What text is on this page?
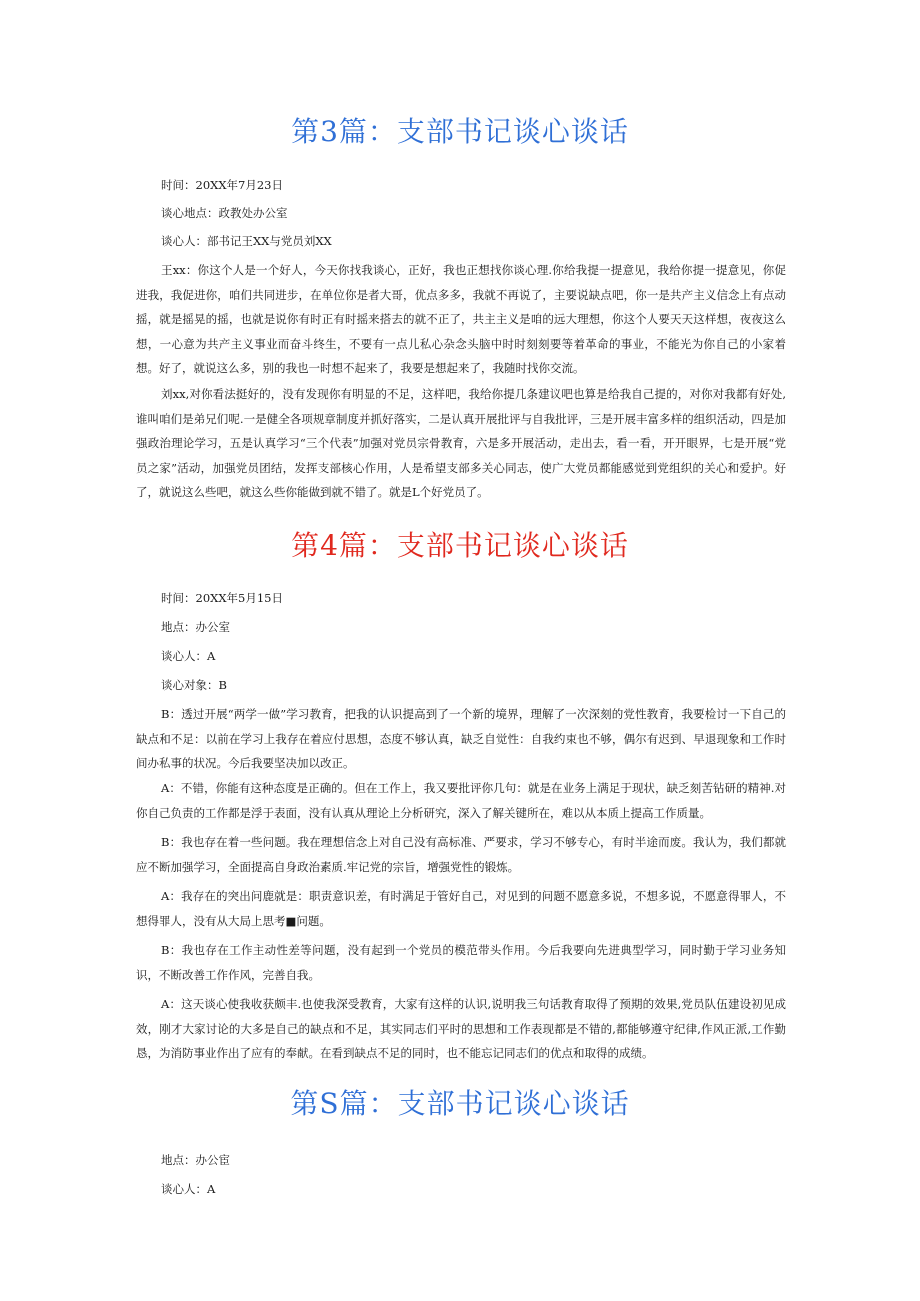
第3篇：支部书记谈心谈话

时间：20XX年7月23日

谈心地点：政教处办公室

谈心人：部书记王XX与党员刘XX

王xx：你这个人是一个好人，今天你找我谈心，正好，我也正想找你谈心理.你给我提一提意见，我给你提一提意见，你促进我，我促进你，咱们共同进步，在单位你是者大哥，优点多多，我就不再说了，主要说缺点吧，你一是共产主义信念上有点动摇，就是摇晃的摇，也就是说你有时正有时摇来搭去的就不正了，共主主义是咱的远大理想，你这个人要天天这样想，夜夜这么想，一心意为共产主义事业而奋斗终生，不要有一点儿私心杂念头脑中时时刻刻要等着革命的事业，不能光为你自己的小家着想。好了，就说这么多，别的我也一时想不起来了，我要是想起来了，我随时找你交流。

刘xx,对你看法挺好的，没有发现你有明显的不足，这样吧，我给你提几条建议吧也算是给我自己提的，对你对我都有好处,谁叫咱们是弟兄们呢.一是健全各项规章制度并抓好落实，二是认真开展批评与自我批评，三是开展丰富多样的组织活动，四是加强政治理论学习，五是认真学习“三个代表”加强对党员宗骨教育，六是多开展活动，走出去，看一看，开开眼界，七是开展“党员之家”活动，加强党员团结，发挥支部核心作用，人是希望支部多关心同志，使广大党员都能感觉到党组织的关心和爱护。好了，就说这么些吧，就这么些你能做到就不错了。就是L个好党员了。

第4篇：支部书记谈心谈话

时间：20XX年5月15日

地点：办公室

谈心人：A

谈心对象：B

B：透过开展“两学一做”学习教育，把我的认识提高到了一个新的境界，理解了一次深刻的党性教育，我要检讨一下自己的缺点和不足：以前在学习上我存在着应付思想，态度不够认真，缺乏自觉性：自我约束也不够，偶尔有迟到、早退现象和工作时间办私事的状况。今后我要坚决加以改正。

A：不错，你能有这种态度是正确的。但在工作上，我又要批评你几句：就是在业务上满足于现状，缺乏刻苦钻研的精神.对你自己负责的工作都是浮于表面，没有认真从理论上分析研究，深入了解关键所在，难以从本质上提高工作质量。

B：我也存在着一些问题。我在理想信念上对自己没有高标准、严要求，学习不够专心，有时半途而废。我认为，我们都就应不断加强学习，全面提高自身政治素质.牢记党的宗旨，增强党性的锻炼。

A：我存在的突出问鹿就是：职责意识差，有时满足于管好自己，对见到的问题不愿意多说，不想多说，不愿意得罪人，不想得罪人，没有从大局上思考■问题。

B：我也存在工作主动性差等问题，没有起到一个党员的模范带头作用。今后我要向先进典型学习，同时勤于学习业务知识，不断改善工作作风，完善自我。

A：这天谈心使我收获颇丰.也使我深受教育，大家有这样的认识,说明我三句话教育取得了预期的效果,党员队伍建设初见成效，刚才大家讨论的大多是自己的缺点和不足，其实同志们平时的思想和工作表现都是不错的,都能够遵守纪律,作风正派,工作勤恳，为消防事业作出了应有的奉献。在看到缺点不足的同时，也不能忘记同志们的优点和取得的成绩。

第S篇：支部书记谈心谈话

地点：办公宦

谈心人：A
